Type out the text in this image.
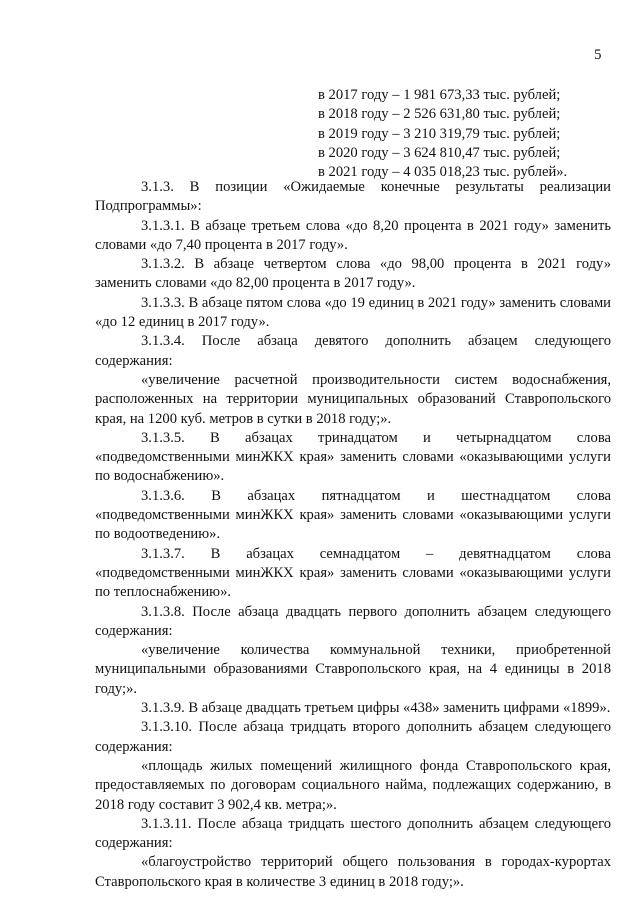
5
в 2017 году – 1 981 673,33 тыс. рублей;
в 2018 году – 2 526 631,80 тыс. рублей;
в 2019 году – 3 210 319,79 тыс. рублей;
в 2020 году – 3 624 810,47 тыс. рублей;
в 2021 году – 4 035 018,23 тыс. рублей».

3.1.3. В позиции «Ожидаемые конечные результаты реализации Подпрограммы»:

3.1.3.1. В абзаце третьем слова «до 8,20 процента в 2021 году» заменить словами «до 7,40 процента в 2017 году».

3.1.3.2. В абзаце четвертом слова «до 98,00 процента в 2021 году» заменить словами «до 82,00 процента в 2017 году».

3.1.3.3. В абзаце пятом слова «до 19 единиц в 2021 году» заменить словами «до 12 единиц в 2017 году».

3.1.3.4. После абзаца девятого дополнить абзацем следующего содержания:

«увеличение расчетной производительности систем водоснабжения, расположенных на территории муниципальных образований Ставропольского края, на 1200 куб. метров в сутки в 2018 году;».

3.1.3.5. В абзацах тринадцатом и четырнадцатом слова «подведомственными минЖКХ края» заменить словами «оказывающими услуги по водоснабжению».

3.1.3.6. В абзацах пятнадцатом и шестнадцатом слова «подведомственными минЖКХ края» заменить словами «оказывающими услуги по водоотведению».

3.1.3.7. В абзацах семнадцатом – девятнадцатом слова «подведомственными минЖКХ края» заменить словами «оказывающими услуги по теплоснабжению».

3.1.3.8. После абзаца двадцать первого дополнить абзацем следующего содержания:

«увеличение количества коммунальной техники, приобретенной муниципальными образованиями Ставропольского края, на 4 единицы в 2018 году;».

3.1.3.9. В абзаце двадцать третьем цифры «438» заменить цифрами «1899».

3.1.3.10. После абзаца тридцать второго дополнить абзацем следующего содержания:

«площадь жилых помещений жилищного фонда Ставропольского края, предоставляемых по договорам социального найма, подлежащих содержанию, в 2018 году составит 3 902,4 кв. метра;».

3.1.3.11. После абзаца тридцать шестого дополнить абзацем следующего содержания:

«благоустройство территорий общего пользования в городах-курортах Ставропольского края в количестве 3 единиц в 2018 году;».
